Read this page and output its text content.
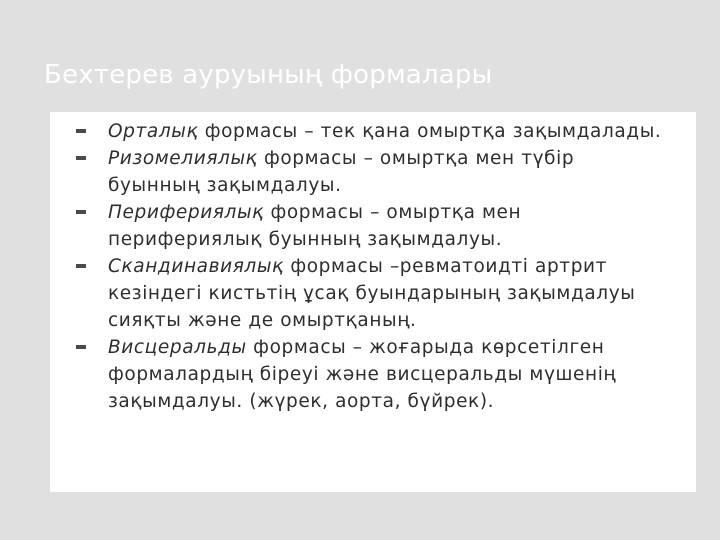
Бехтерев ауруының формалары
Орталық формасы – тек қана омыртқа зақымдалады.
Ризомелиялық формасы – омыртқа мен түбір буынның зақымдалуы.
Перифериялық формасы – омыртқа мен перифериялық буынның зақымдалуы.
Скандинавиялық формасы –ревматоидті артрит кезіндегі кистьтің ұсақ буындарының зақымдалуы сияқты және де омыртқаның.
Висцеральды формасы – жоғарыда көрсетілген формалардың біреуі және висцеральды мүшенің зақымдалуы. (жүрек, аорта, бүйрек).
